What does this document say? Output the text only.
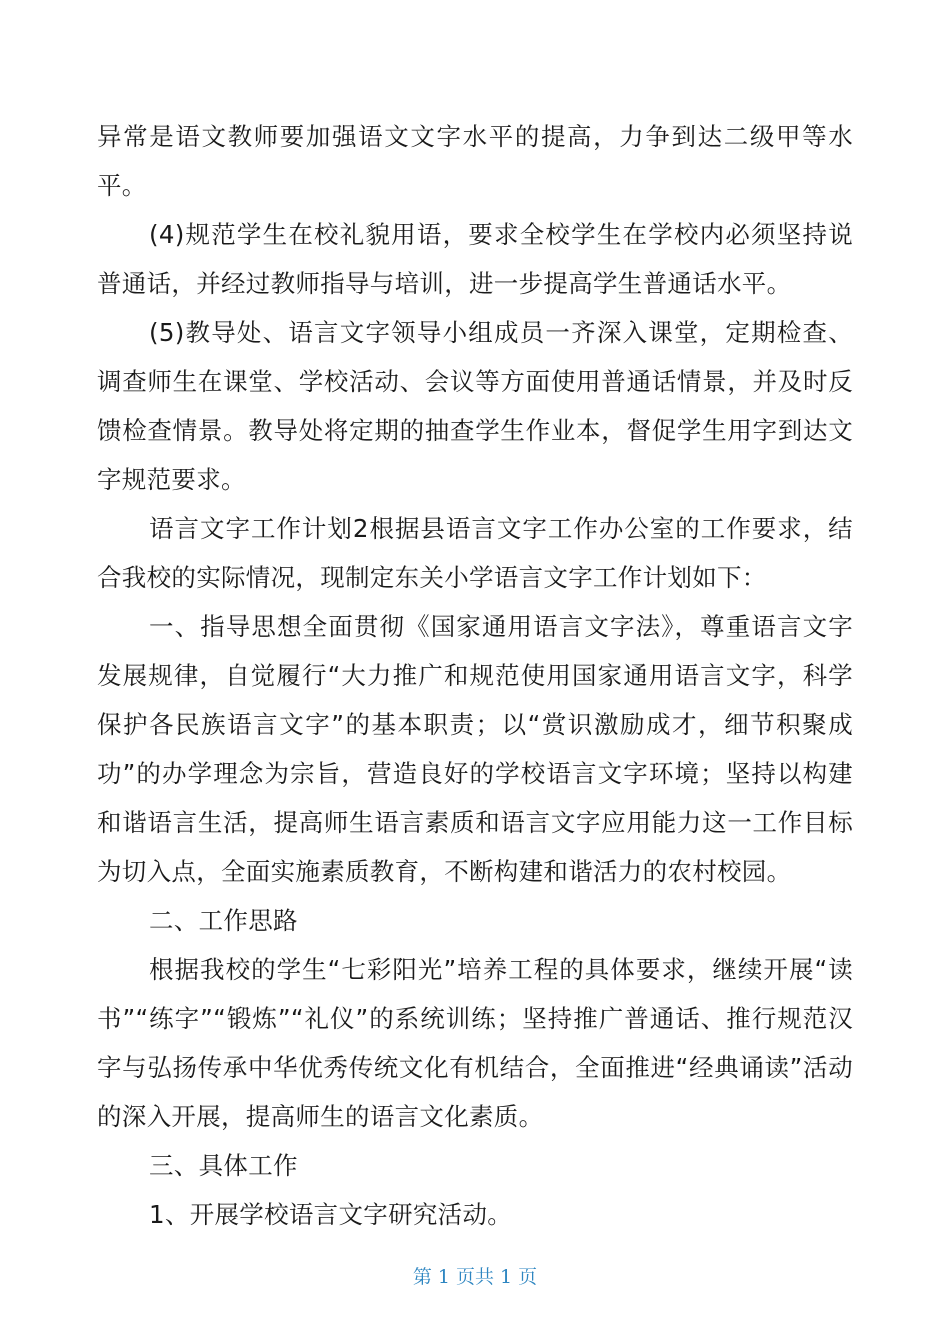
异常是语文教师要加强语文文字水平的提高，力争到达二级甲等水平。

(4)规范学生在校礼貌用语，要求全校学生在学校内必须坚持说普通话，并经过教师指导与培训，进一步提高学生普通话水平。

(5)教导处、语言文字领导小组成员一齐深入课堂，定期检查、调查师生在课堂、学校活动、会议等方面使用普通话情景，并及时反馈检查情景。教导处将定期的抽查学生作业本，督促学生用字到达文字规范要求。

语言文字工作计划2根据县语言文字工作办公室的工作要求，结合我校的实际情况，现制定东关小学语言文字工作计划如下：

一、指导思想全面贯彻《国家通用语言文字法》，尊重语言文字发展规律，自觉履行“大力推广和规范使用国家通用语言文字，科学保护各民族语言文字”的基本职责；以“赏识激励成才，细节积聚成功”的办学理念为宗旨，营造良好的学校语言文字环境；坚持以构建和谐语言生活，提高师生语言素质和语言文字应用能力这一工作目标为切入点，全面实施素质教育，不断构建和谐活力的农村校园。

二、工作思路

根据我校的学生“七彩阳光”培养工程的具体要求，继续开展“读书”“练字”“锻炼”“礼仪”的系统训练；坚持推广普通话、推行规范汉字与弘扬传承中华优秀传统文化有机结合，全面推进“经典诵读”活动的深入开展，提高师生的语言文化素质。

三、具体工作

1、开展学校语言文字研究活动。

第 1 页共 1 页
